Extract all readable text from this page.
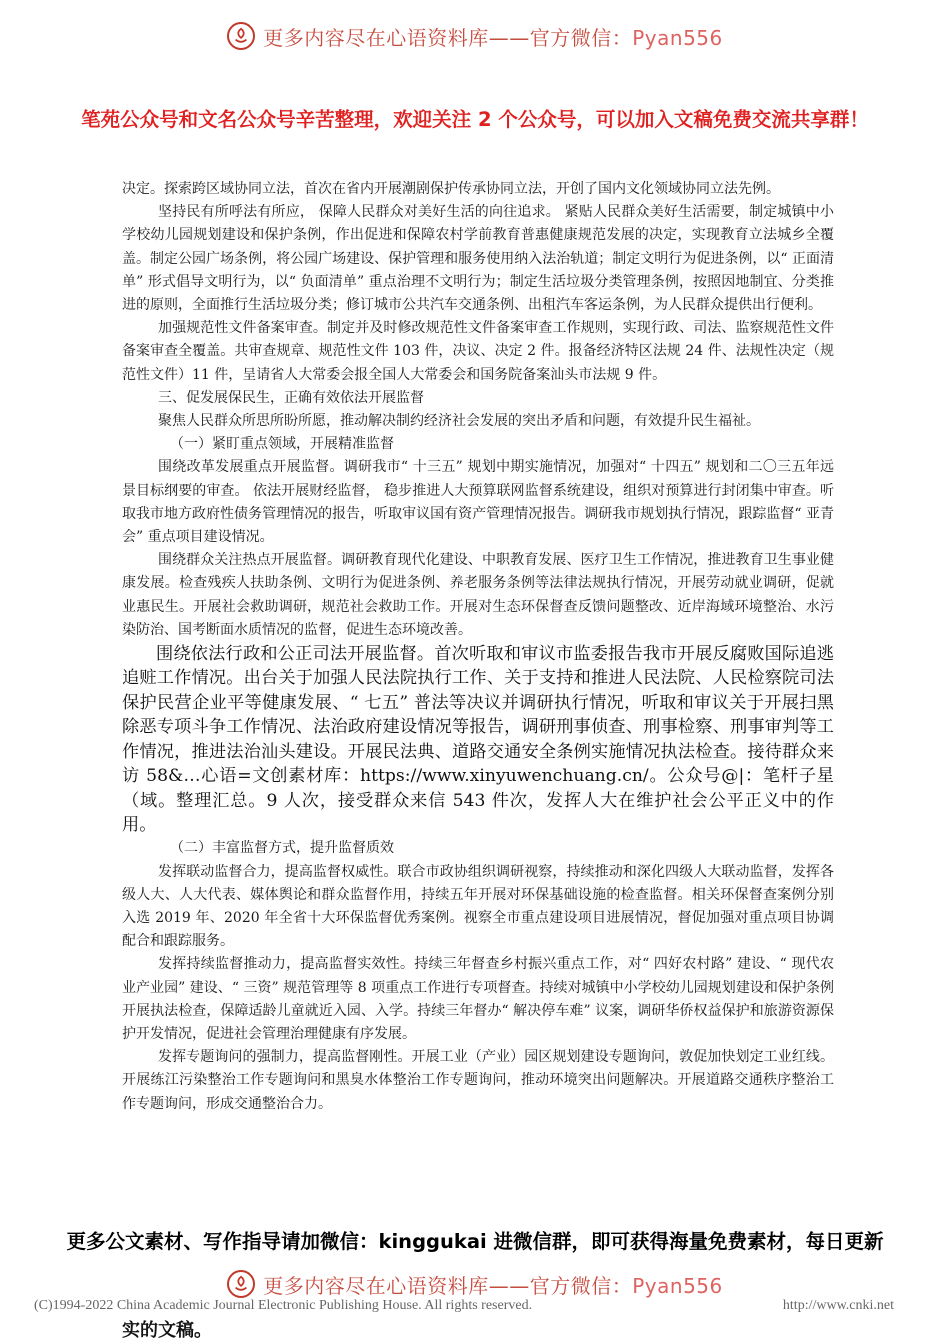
更多内容尽在心语资料库——官方微信：Pyan556
笔苑公众号和文名公众号辛苦整理，欢迎关注 2 个公众号，可以加入文稿免费交流共享群！

决定。探索跨区域协同立法，首次在省内开展潮剧保护传承协同立法，开创了国内文化领域协同立法先例。

坚持民有所呼法有所应， 保障人民群众对美好生活的向往追求。 紧贴人民群众美好生活需要，制定城镇中小学校幼儿园规划建设和保护条例，作出促进和保障农村学前教育普惠健康规范发展的决定，实现教育立法城乡全覆盖。制定公园广场条例，将公园广场建设、保护管理和服务使用纳入法治轨道；制定文明行为促进条例，以“ 正面清单” 形式倡导文明行为，以“ 负面清单” 重点治理不文明行为；制定生活垃圾分类管理条例，按照因地制宜、分类推进的原则，全面推行生活垃圾分类；修订城市公共汽车交通条例、出租汽车客运条例，为人民群众提供出行便利。

加强规范性文件备案审查。制定并及时修改规范性文件备案审查工作规则，实现行政、司法、监察规范性文件备案审查全覆盖。共审查规章、规范性文件 103 件，决议、决定 2 件。报备经济特区法规 24 件、法规性决定（规范性文件）11 件，呈请省人大常委会报全国人大常委会和国务院备案汕头市法规 9 件。

三、促发展保民生，正确有效依法开展监督

聚焦人民群众所思所盼所愿，推动解决制约经济社会发展的突出矛盾和问题，有效提升民生福祉。

（一）紧盯重点领域，开展精准监督

围绕改革发展重点开展监督。调研我市“ 十三五” 规划中期实施情况，加强对“ 十四五” 规划和二〇三五年远景目标纲要的审查。 依法开展财经监督， 稳步推进人大预算联网监督系统建设，组织对预算进行封闭集中审查。听取我市地方政府性债务管理情况的报告，听取审议国有资产管理情况报告。调研我市规划执行情况，跟踪监督“ 亚青会” 重点项目建设情况。

围绕群众关注热点开展监督。调研教育现代化建设、中职教育发展、医疗卫生工作情况，推进教育卫生事业健康发展。检查残疾人扶助条例、文明行为促进条例、养老服务条例等法律法规执行情况，开展劳动就业调研，促就业惠民生。开展社会救助调研，规范社会救助工作。开展对生态环保督查反馈问题整改、近岸海域环境整治、水污染防治、国考断面水质情况的监督，促进生态环境改善。

围绕依法行政和公正司法开展监督。首次听取和审议市监委报告我市开展反腐败国际追逃追赃工作情况。出台关于加强人民法院执行工作、关于支持和推进人民法院、人民检察院司法保护民营企业平等健康发展、“ 七五” 普法等决议并调研执行情况，听取和审议关于开展扫黑除恶专项斗争工作情况、法治政府建设情况等报告，调研刑事侦查、刑事检察、刑事审判等工作情况，推进法治汕头建设。开展民法典、道路交通安全条例实施情况执法检查。接待群众来访 58&…心语=文创素材库：https://www.xinyuwenchuang.cn/。公众号@|：笔杆子星（域。整理汇总。9 人次，接受群众来信 543 件次，发挥人大在维护社会公平正义中的作用。

（二）丰富监督方式，提升监督质效

发挥联动监督合力，提高监督权威性。联合市政协组织调研视察，持续推动和深化四级人大联动监督，发挥各级人大、人大代表、媒体舆论和群众监督作用，持续五年开展对环保基础设施的检查监督。相关环保督查案例分别入选 2019 年、2020 年全省十大环保监督优秀案例。视察全市重点建设项目进展情况，督促加强对重点项目协调配合和跟踪服务。

发挥持续监督推动力，提高监督实效性。持续三年督查乡村振兴重点工作，对“ 四好农村路” 建设、“ 现代农业产业园” 建设、“ 三资” 规范管理等 8 项重点工作进行专项督查。持续对城镇中小学校幼儿园规划建设和保护条例开展执法检查，保障适龄儿童就近入园、入学。持续三年督办“ 解决停车难” 议案，调研华侨权益保护和旅游资源保护开发情况，促进社会管理治理健康有序发展。

发挥专题询问的强制力，提高监督刚性。开展工业（产业）园区规划建设专题询问，敦促加快划定工业红线。开展练江污染整治工作专题询问和黑臭水体整治工作专题询问，推动环境突出问题解决。开展道路交通秩序整治工作专题询问，形成交通整治合力。

更多公文素材、写作指导请加微信：kinggukai 进微信群，即可获得海量免费素材，每日更新
更多内容尽在心语资料库——官方微信：Pyan556
(C)1994-2022 China Academic Journal Electronic Publishing House. All rights reserved.	http://www.cnki.net
实的文稿。
